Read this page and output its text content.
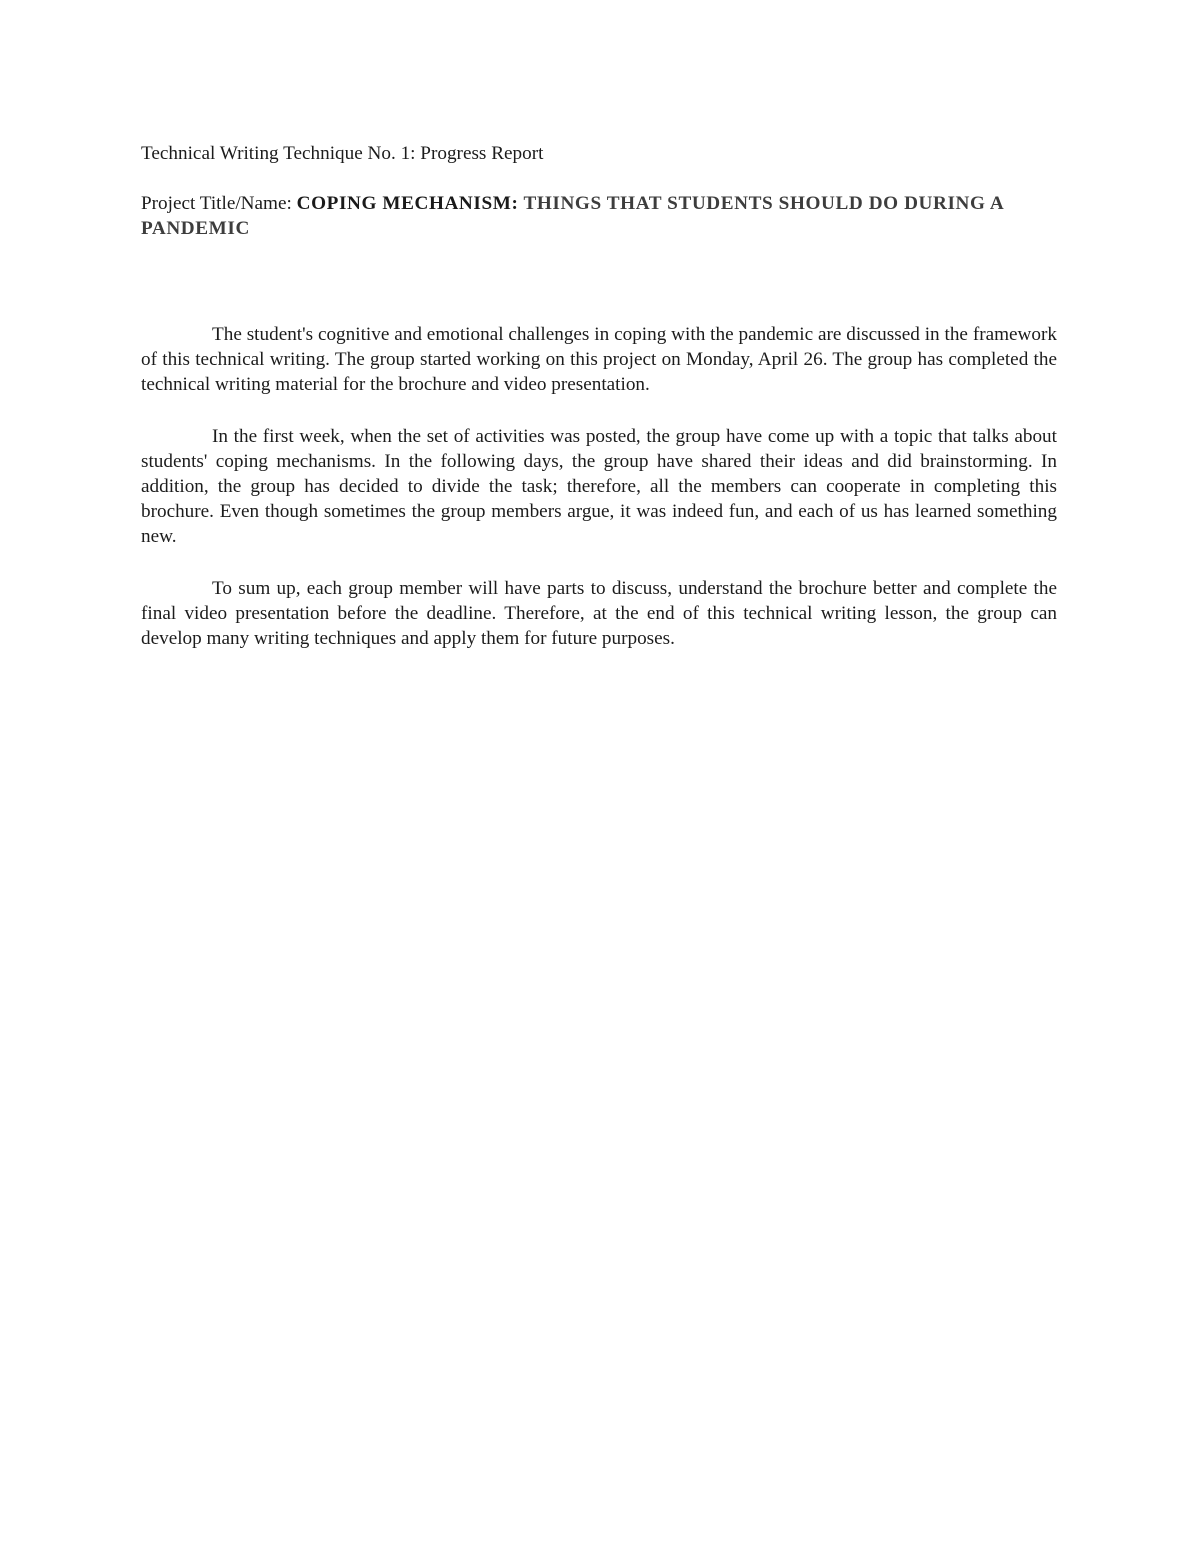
Technical Writing Technique No. 1: Progress Report

Project Title/Name: COPING MECHANISM: THINGS THAT STUDENTS SHOULD DO DURING A PANDEMIC

The student's cognitive and emotional challenges in coping with the pandemic are discussed in the framework of this technical writing. The group started working on this project on Monday, April 26. The group has completed the technical writing material for the brochure and video presentation.

In the first week, when the set of activities was posted, the group have come up with a topic that talks about students' coping mechanisms. In the following days, the group have shared their ideas and did brainstorming. In addition, the group has decided to divide the task; therefore, all the members can cooperate in completing this brochure. Even though sometimes the group members argue, it was indeed fun, and each of us has learned something new.

To sum up, each group member will have parts to discuss, understand the brochure better and complete the final video presentation before the deadline. Therefore, at the end of this technical writing lesson, the group can develop many writing techniques and apply them for future purposes.
